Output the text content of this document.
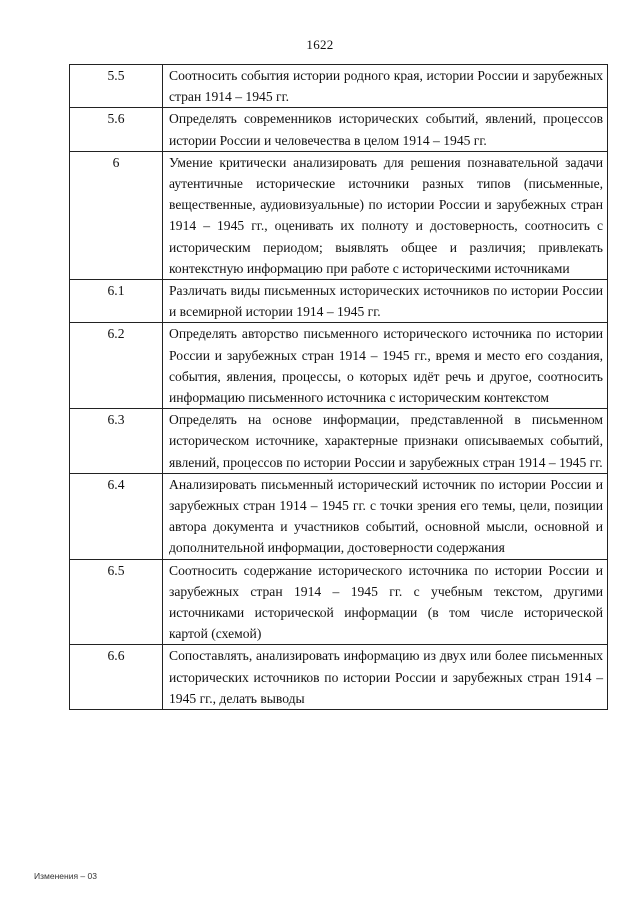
1622
5.5	Соотносить события истории родного края, истории России и зарубежных стран 1914 – 1945 гг.
5.6	Определять современников исторических событий, явлений, процессов истории России и человечества в целом 1914 – 1945 гг.
6	Умение критически анализировать для решения познавательной задачи аутентичные исторические источники разных типов (письменные, вещественные, аудиовизуальные) по истории России и зарубежных стран 1914 – 1945 гг., оценивать их полноту и достоверность, соотносить с историческим периодом; выявлять общее и различия; привлекать контекстную информацию при работе с историческими источниками
6.1	Различать виды письменных исторических источников по истории России и всемирной истории 1914 – 1945 гг.
6.2	Определять авторство письменного исторического источника по истории России и зарубежных стран 1914 – 1945 гг., время и место его создания, события, явления, процессы, о которых идёт речь и другое, соотносить информацию письменного источника с историческим контекстом
6.3	Определять на основе информации, представленной в письменном историческом источнике, характерные признаки описываемых событий, явлений, процессов по истории России и зарубежных стран 1914 – 1945 гг.
6.4	Анализировать письменный исторический источник по истории России и зарубежных стран 1914 – 1945 гг. с точки зрения его темы, цели, позиции автора документа и участников событий, основной мысли, основной и дополнительной информации, достоверности содержания
6.5	Соотносить содержание исторического источника по истории России и зарубежных стран 1914 – 1945 гг. с учебным текстом, другими источниками исторической информации (в том числе исторической картой (схемой)
6.6	Сопоставлять, анализировать информацию из двух или более письменных исторических источников по истории России и зарубежных стран 1914 – 1945 гг., делать выводы
Изменения – 03
